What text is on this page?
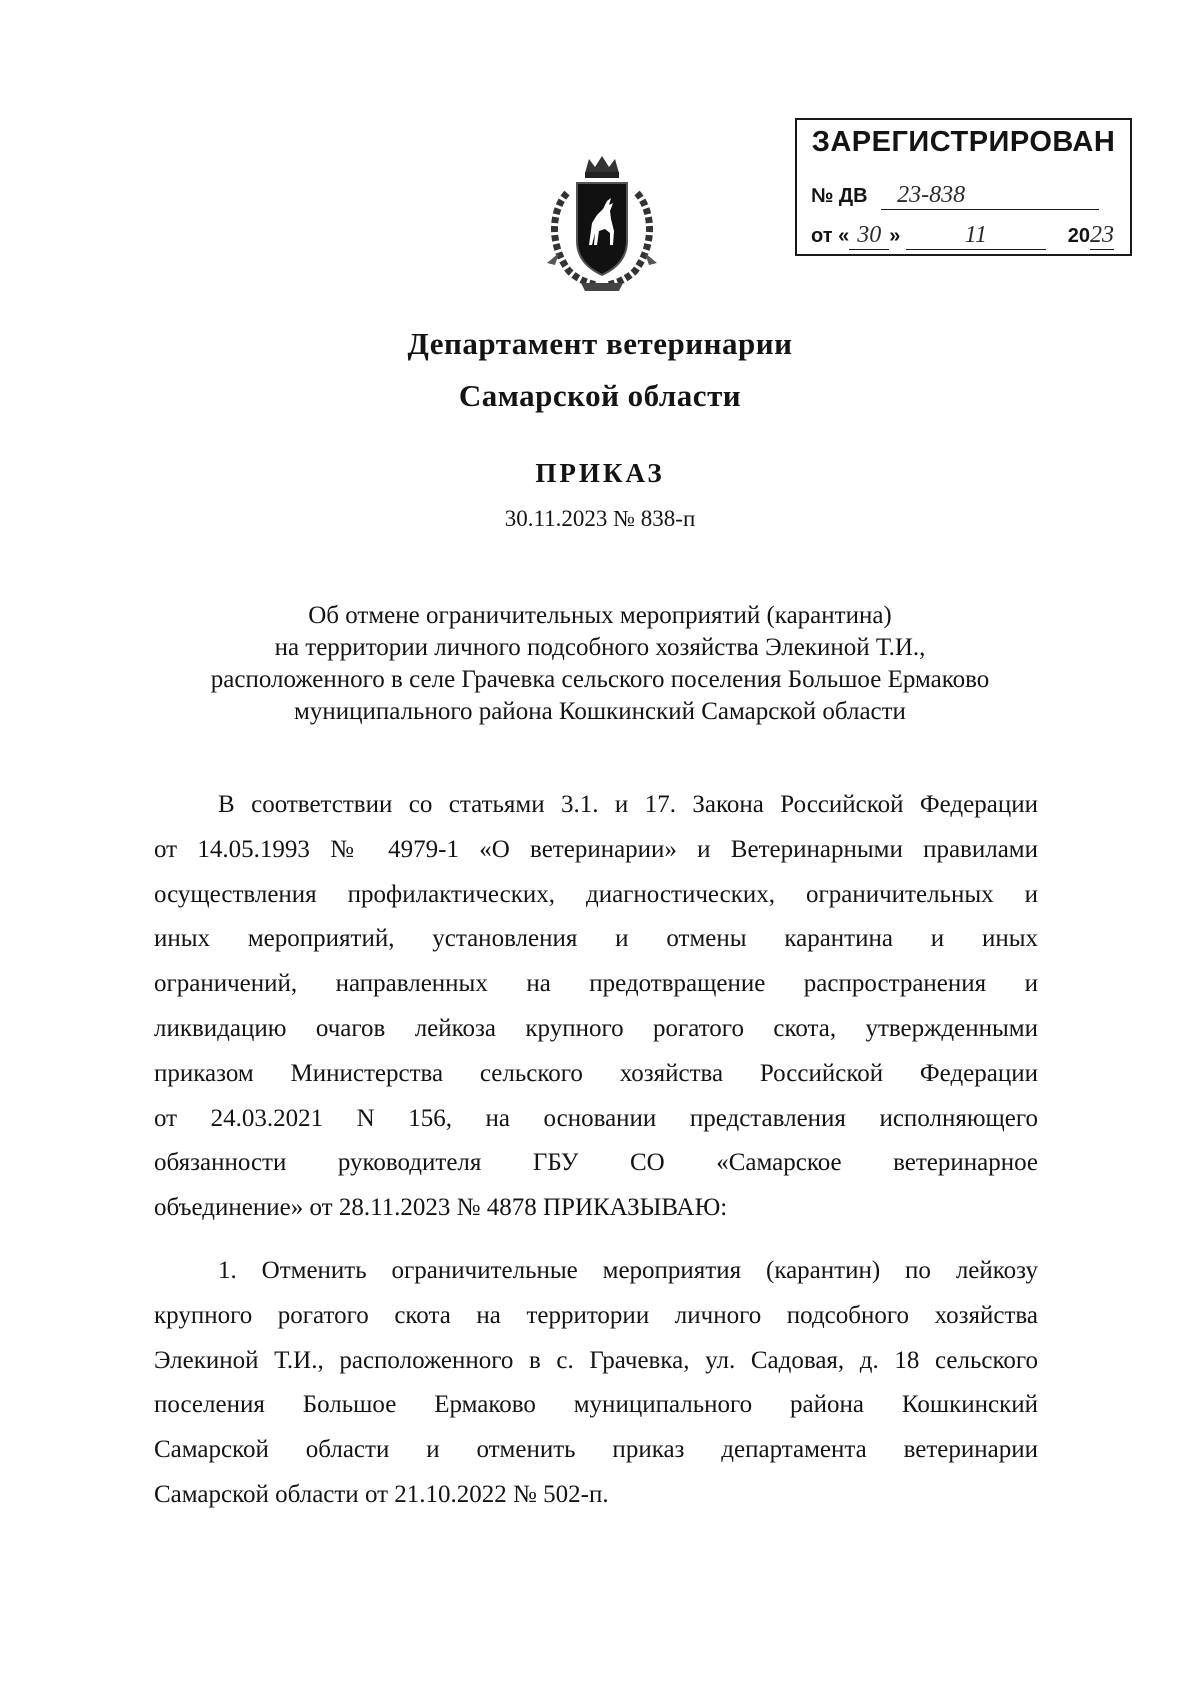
ЗАРЕГИСТРИРОВАН
№ ДВ 23-838
от « 30 »	11	2023
Департамент ветеринарии
Самарской области
ПРИКАЗ
30.11.2023 № 838-п
Об отмене ограничительных мероприятий (карантина)
на территории личного подсобного хозяйства Элекиной Т.И.,
расположенного в селе Грачевка сельского поселения Большое Ермаково
муниципального района Кошкинский Самарской области
В соответствии со статьями 3.1. и 17. Закона Российской Федерации
от 14.05.1993 № 4979-1 «О ветеринарии» и Ветеринарными правилами
осуществления профилактических, диагностических, ограничительных и
иных мероприятий, установления и отмены карантина и иных
ограничений, направленных на предотвращение распространения и
ликвидацию очагов лейкоза крупного рогатого скота, утвержденными
приказом Министерства сельского хозяйства Российской Федерации
от 24.03.2021 N 156, на основании представления исполняющего
обязанности руководителя ГБУ СО «Самарское ветеринарное
объединение» от 28.11.2023 № 4878 ПРИКАЗЫВАЮ:
1. Отменить ограничительные мероприятия (карантин) по лейкозу
крупного рогатого скота на территории личного подсобного хозяйства
Элекиной Т.И., расположенного в с. Грачевка, ул. Садовая, д. 18 сельского
поселения Большое Ермаково муниципального района Кошкинский
Самарской области и отменить приказ департамента ветеринарии
Самарской области от 21.10.2022 № 502-п.
